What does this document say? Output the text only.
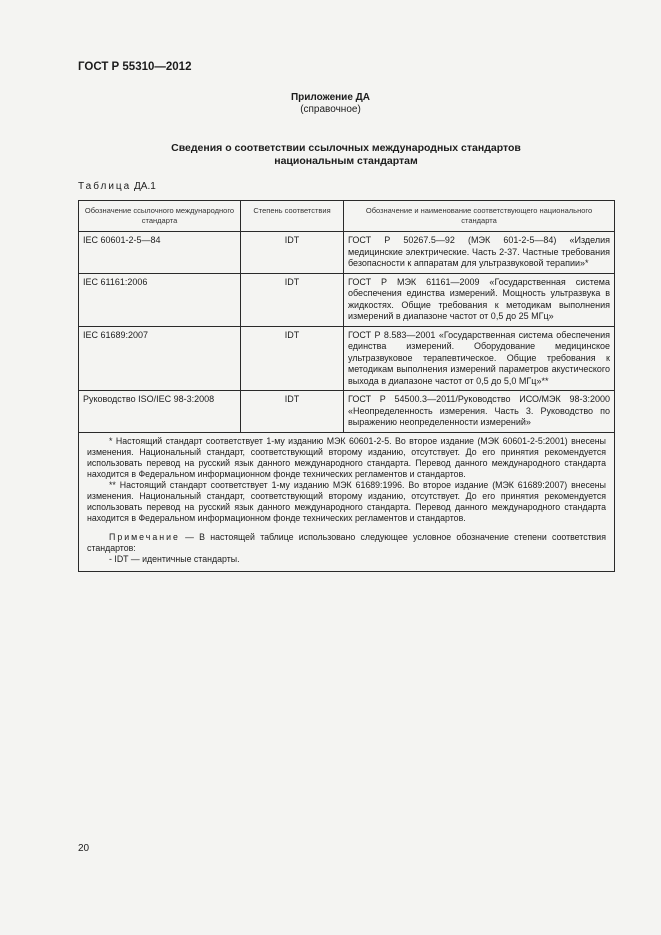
ГОСТ Р 55310—2012
Приложение ДА
(справочное)
Сведения о соответствии ссылочных международных стандартов
национальным стандартам
Таблица ДА.1
Обозначение ссылочного международного стандарта	Степень соответствия	Обозначение и наименование соответствующего национального стандарта
IEC 60601-2-5—84	IDT	ГОСТ Р 50267.5—92 (МЭК 601-2-5—84) «Изделия медицинские электрические. Часть 2-37. Частные требования безопасности к аппаратам для ультразвуковой терапии»*
IEC 61161:2006	IDT	ГОСТ Р МЭК 61161—2009 «Государственная система обеспечения единства измерений. Мощность ультразвука в жидкостях. Общие требования к методикам выполнения измерений в диапазоне частот от 0,5 до 25 МГц»
IEC 61689:2007	IDT	ГОСТ Р 8.583—2001 «Государственная система обеспечения единства измерений. Оборудование медицинское ультразвуковое терапевтическое. Общие требования к методикам выполнения измерений параметров акустического выхода в диапазоне частот от 0,5 до 5,0 МГц»**
Руководство ISO/IEC 98-3:2008	IDT	ГОСТ Р 54500.3—2011/Руководство ИСО/МЭК 98-3:2000 «Неопределенность измерения. Часть 3. Руководство по выражению неопределенности измерений»

* Настоящий стандарт соответствует 1-му изданию МЭК 60601-2-5. Во второе издание (МЭК 60601-2-5:2001) внесены изменения. Национальный стандарт, соответствующий второму изданию, отсутствует. До его принятия рекомендуется использовать перевод на русский язык данного международного стандарта. Перевод данного международного стандарта находится в Федеральном информационном фонде технических регламентов и стандартов.

** Настоящий стандарт соответствует 1-му изданию МЭК 61689:1996. Во второе издание (МЭК 61689:2007) внесены изменения. Национальный стандарт, соответствующий второму изданию, отсутствует. До его принятия рекомендуется использовать перевод на русский язык данного международного стандарта. Перевод данного международного стандарта находится в Федеральном информационном фонде технических регламентов и стандартов.

Примечание — В настоящей таблице использовано следующее условное обозначение степени соответствия стандартов:

- IDT — идентичные стандарты.		

20
